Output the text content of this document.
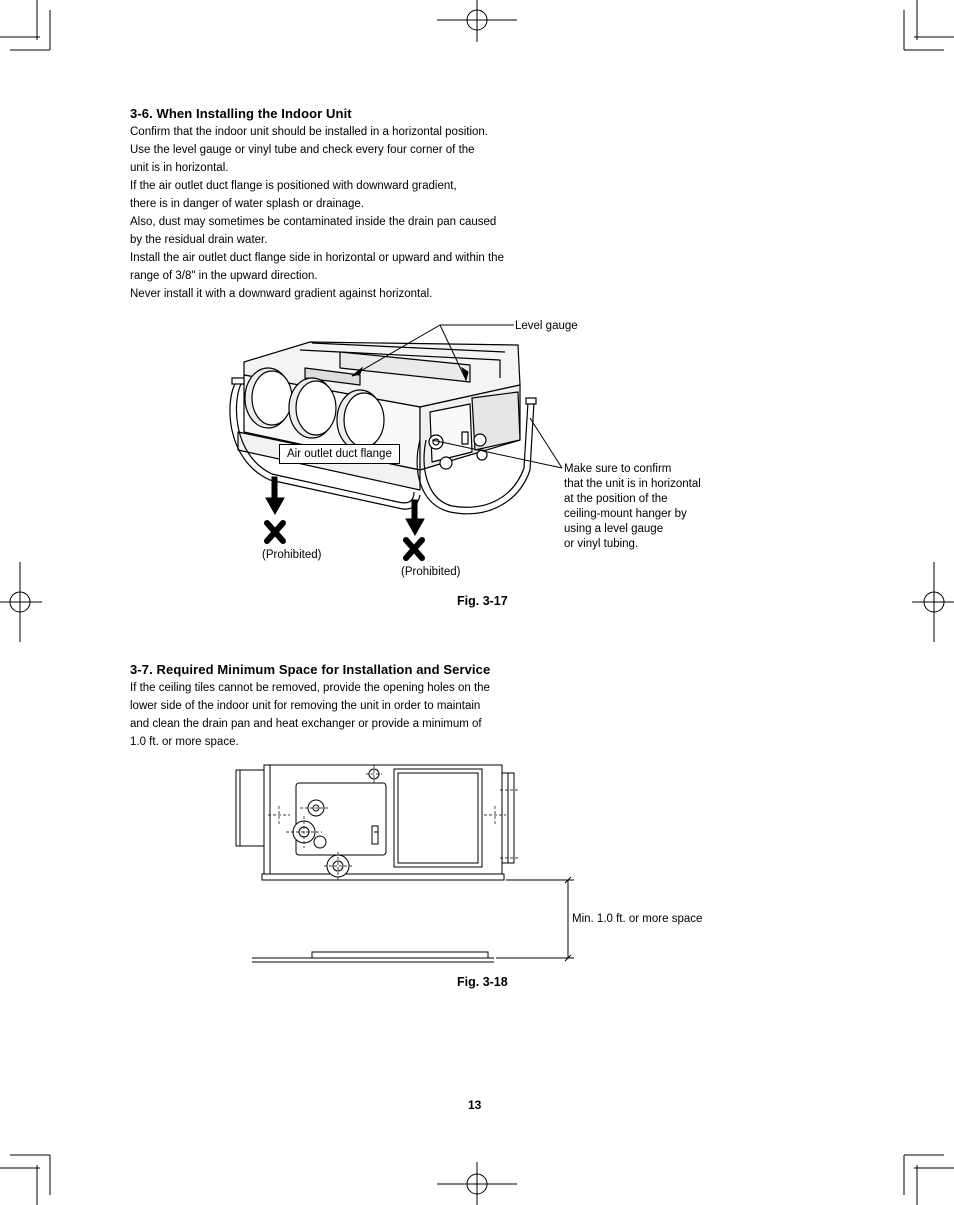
3-6. When Installing the Indoor Unit
Confirm that the indoor unit should be installed in a horizontal position.
Use the level gauge or vinyl tube and check every four corner of the
unit is in horizontal.
If the air outlet duct flange is positioned with downward gradient,
there is in danger of water splash or drainage.
Also, dust may sometimes be contaminated inside the drain pan caused
by the residual drain water.
Install the air outlet duct flange side in horizontal or upward and within the
range of 3/8" in the upward direction.
Never install it with a downward gradient against horizontal.
Level gauge
Air outlet duct flange
Make sure to confirm
that the unit is in horizontal
at the position of the
ceiling-mount hanger by
using a level gauge
or vinyl tubing.
(Prohibited)
(Prohibited)
Fig. 3-17
3-7. Required Minimum Space for Installation and Service
If the ceiling tiles cannot be removed, provide the opening holes on the
lower side of the indoor unit for removing the unit in order to maintain
and clean the drain pan and heat exchanger or provide a minimum of
1.0 ft. or more space.
Min. 1.0 ft. or more space
Fig. 3-18
13
